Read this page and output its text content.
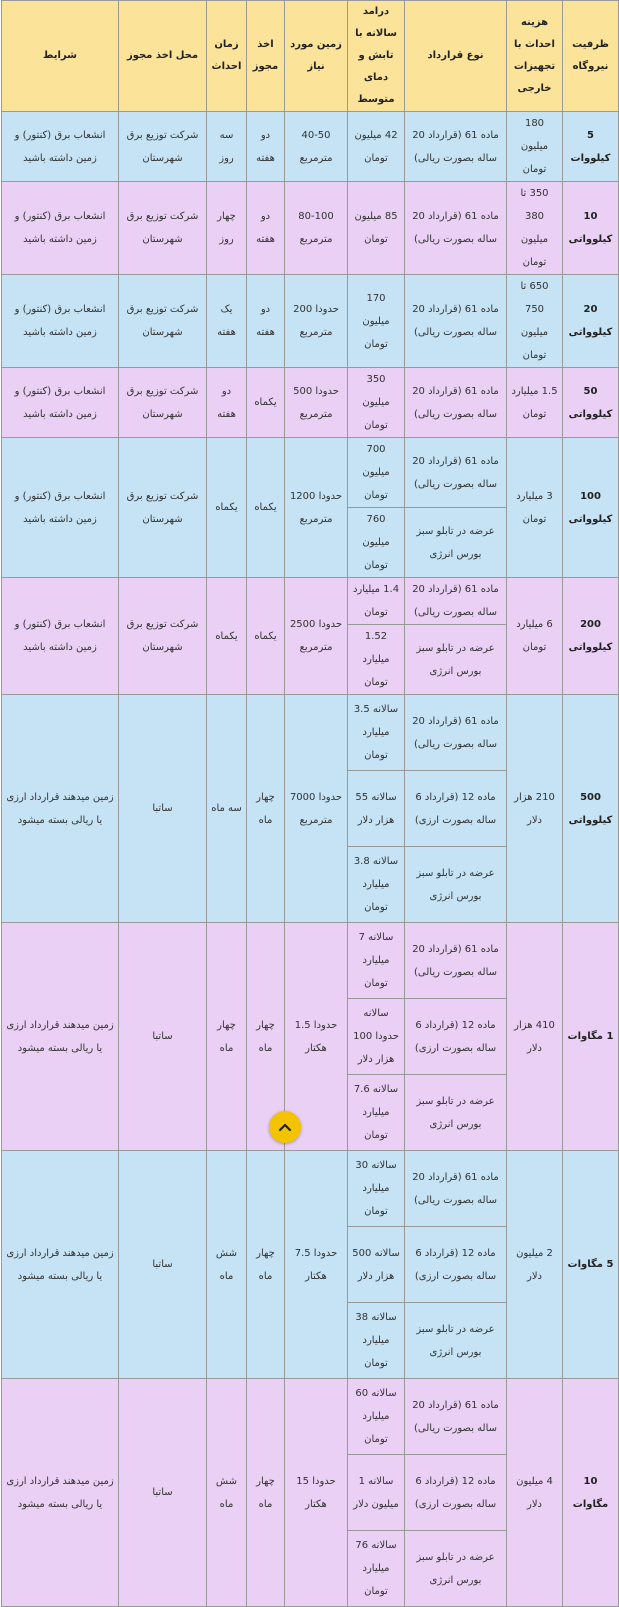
ظرفیت نیروگاه	هزینه احداث با تجهیزات خارجی	نوع قرارداد	درامد سالانه با تابش و دمای متوسط	زمین مورد نیاز	اخذ مجوز	زمان احداث	محل اخذ مجوز	شرایط
5 کیلووات	180 میلیون تومان	ماده 61 (قرارداد 20 ساله بصورت ریالی)	42 میلیون تومان	40-50 مترمربع	دو هفته	سه روز	شرکت توزیع برق شهرستان	انشعاب برق (کنتور) و زمین داشته باشید
10 کیلوواتی	350 تا 380 میلیون تومان	ماده 61 (قرارداد 20 ساله بصورت ریالی)	85 میلیون تومان	80-100 مترمربع	دو هفته	چهار روز	شرکت توزیع برق شهرستان	انشعاب برق (کنتور) و زمین داشته باشید
20 کیلوواتی	650 تا 750 میلیون تومان	ماده 61 (قرارداد 20 ساله بصورت ریالی)	170 میلیون تومان	حدودا 200 مترمربع	دو هفته	یک هفته	شرکت توزیع برق شهرستان	انشعاب برق (کنتور) و زمین داشته باشید
50 کیلوواتی	1.5 میلیارد تومان	ماده 61 (قرارداد 20 ساله بصورت ریالی)	350 میلیون تومان	حدودا 500 مترمربع	یکماه	دو هفته	شرکت توزیع برق شهرستان	انشعاب برق (کنتور) و زمین داشته باشید
100 کیلوواتی	3 میلیارد تومان	ماده 61 (قرارداد 20 ساله بصورت ریالی)	700 میلیون تومان	حدودا 1200 مترمربع	یکماه	یکماه	شرکت توزیع برق شهرستان	انشعاب برق (کنتور) و زمین داشته باشید
		عرضه در تابلو سبز بورس انرژی	760 میلیون تومان					
200 کیلوواتی	6 میلیارد تومان	ماده 61 (قرارداد 20 ساله بصورت ریالی)	1.4 میلیارد تومان	حدودا 2500 مترمربع	یکماه	یکماه	شرکت توزیع برق شهرستان	انشعاب برق (کنتور) و زمین داشته باشید
		عرضه در تابلو سبز بورس انرژی	1.52 میلیارد تومان					
500 کیلوواتی	210 هزار دلار	ماده 61 (قرارداد 20 ساله بصورت ریالی)	سالانه 3.5 میلیارد تومان	حدودا 7000 مترمربع	چهار ماه	سه ماه	ساتبا	زمین میدهند قرارداد ارزی یا ریالی بسته میشود
		ماده 12 (قرارداد 6 ساله بصورت ارزی)	سالانه 55 هزار دلار					
		عرضه در تابلو سبز بورس انرژی	سالانه 3.8 میلیارد تومان					
1 مگاوات	410 هزار دلار	ماده 61 (قرارداد 20 ساله بصورت ریالی)	سالانه 7 میلیارد تومان	حدودا 1.5 هکتار	چهار ماه	چهار ماه	ساتبا	زمین میدهند قرارداد ارزی یا ریالی بسته میشود
		ماده 12 (قرارداد 6 ساله بصورت ارزی)	سالانه حدودا 100 هزار دلار					
		عرضه در تابلو سبز بورس انرژی	سالانه 7.6 میلیارد تومان					
5 مگاوات	2 میلیون دلار	ماده 61 (قرارداد 20 ساله بصورت ریالی)	سالانه 30 میلیارد تومان	حدودا 7.5 هکتار	چهار ماه	شش ماه	ساتبا	زمین میدهند قرارداد ارزی یا ریالی بسته میشود
		ماده 12 (قرارداد 6 ساله بصورت ارزی)	سالانه 500 هزار دلار					
		عرضه در تابلو سبز بورس انرژی	سالانه 38 میلیارد تومان					
10 مگاوات	4 میلیون دلار	ماده 61 (قرارداد 20 ساله بصورت ریالی)	سالانه 60 میلیارد تومان	حدودا 15 هکتار	چهار ماه	شش ماه	ساتبا	زمین میدهند قرارداد ارزی یا ریالی بسته میشود
		ماده 12 (قرارداد 6 ساله بصورت ارزی)	سالانه 1 میلیون دلار					
		عرضه در تابلو سبز بورس انرژی	سالانه 76 میلیارد تومان					
